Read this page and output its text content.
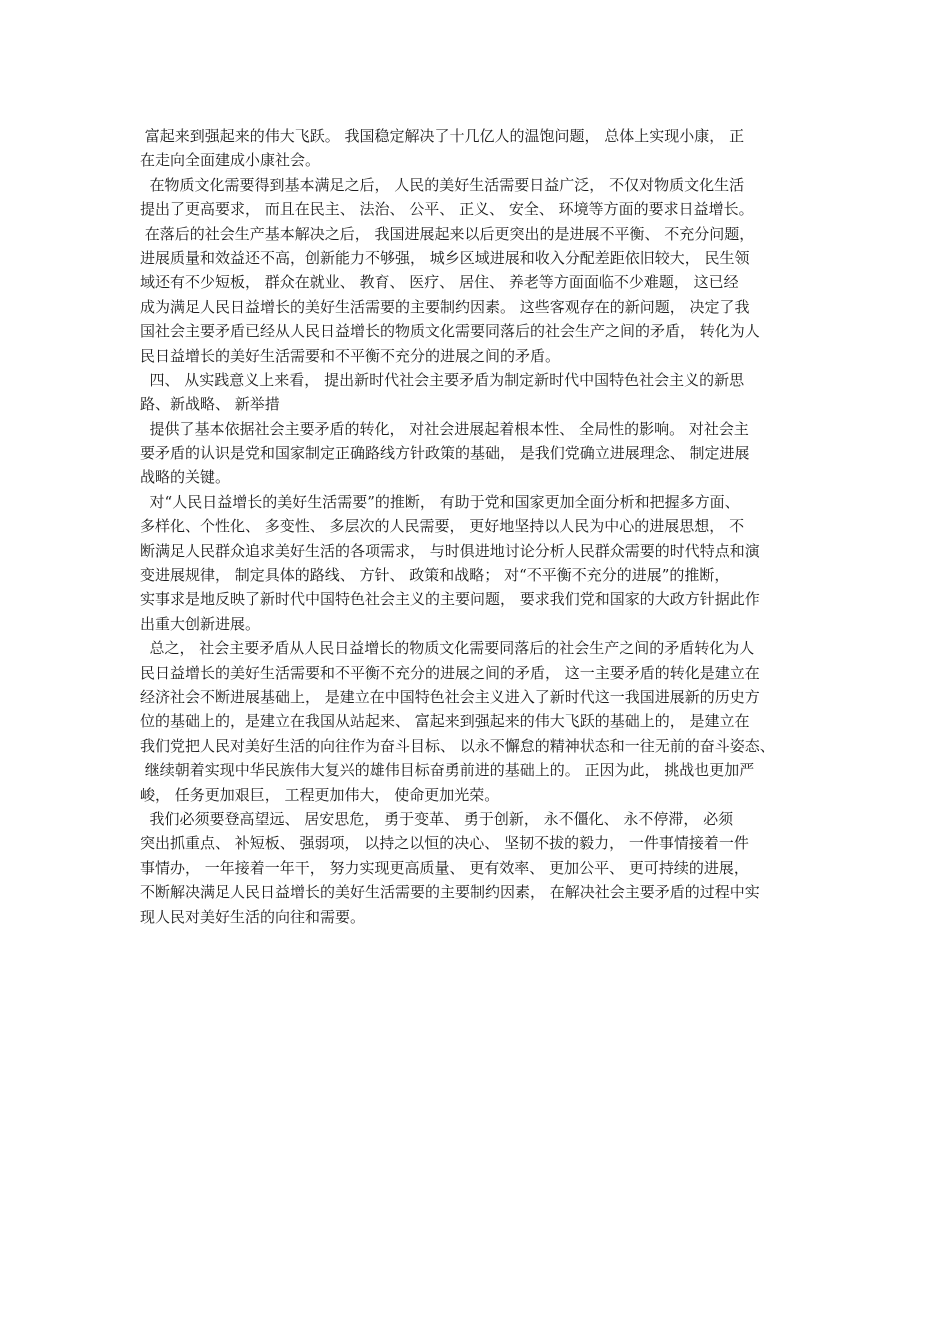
富起来到强起来的伟大飞跃。 我国稳定解决了十几亿人的温饱问题， 总体上实现小康， 正
在走向全面建成小康社会。
在物质文化需要得到基本满足之后， 人民的美好生活需要日益广泛， 不仅对物质文化生活
提出了更高要求， 而且在民主、 法治、 公平、 正义、 安全、 环境等方面的要求日益增长。
在落后的社会生产基本解决之后， 我国进展起来以后更突出的是进展不平衡、 不充分问题，
进展质量和效益还不高，创新能力不够强， 城乡区域进展和收入分配差距依旧较大， 民生领
域还有不少短板， 群众在就业、 教育、 医疗、 居住、 养老等方面面临不少难题， 这已经
成为满足人民日益增长的美好生活需要的主要制约因素。 这些客观存在的新问题， 决定了我
国社会主要矛盾已经从人民日益增长的物质文化需要同落后的社会生产之间的矛盾， 转化为人
民日益增长的美好生活需要和不平衡不充分的进展之间的矛盾。
四、 从实践意义上来看， 提出新时代社会主要矛盾为制定新时代中国特色社会主义的新思
路、新战略、 新举措
提供了基本依据社会主要矛盾的转化， 对社会进展起着根本性、 全局性的影响。 对社会主
要矛盾的认识是党和国家制定正确路线方针政策的基础， 是我们党确立进展理念、 制定进展
战略的关键。
对“人民日益增长的美好生活需要”的推断， 有助于党和国家更加全面分析和把握多方面、
多样化、个性化、 多变性、 多层次的人民需要， 更好地坚持以人民为中心的进展思想， 不
断满足人民群众追求美好生活的各项需求， 与时俱进地讨论分析人民群众需要的时代特点和演
变进展规律， 制定具体的路线、 方针、 政策和战略； 对“不平衡不充分的进展”的推断，
实事求是地反映了新时代中国特色社会主义的主要问题， 要求我们党和国家的大政方针据此作
出重大创新进展。
总之， 社会主要矛盾从人民日益增长的物质文化需要同落后的社会生产之间的矛盾转化为人
民日益增长的美好生活需要和不平衡不充分的进展之间的矛盾， 这一主要矛盾的转化是建立在
经济社会不断进展基础上， 是建立在中国特色社会主义进入了新时代这一我国进展新的历史方
位的基础上的，是建立在我国从站起来、 富起来到强起来的伟大飞跃的基础上的， 是建立在
我们党把人民对美好生活的向往作为奋斗目标、 以永不懈怠的精神状态和一往无前的奋斗姿态、
继续朝着实现中华民族伟大复兴的雄伟目标奋勇前进的基础上的。 正因为此， 挑战也更加严
峻， 任务更加艰巨， 工程更加伟大， 使命更加光荣。
我们必须要登高望远、 居安思危， 勇于变革、 勇于创新， 永不僵化、 永不停滞， 必须
突出抓重点、 补短板、 强弱项， 以持之以恒的决心、 坚韧不拔的毅力， 一件事情接着一件
事情办， 一年接着一年干， 努力实现更高质量、 更有效率、 更加公平、 更可持续的进展，
不断解决满足人民日益增长的美好生活需要的主要制约因素， 在解决社会主要矛盾的过程中实
现人民对美好生活的向往和需要。
